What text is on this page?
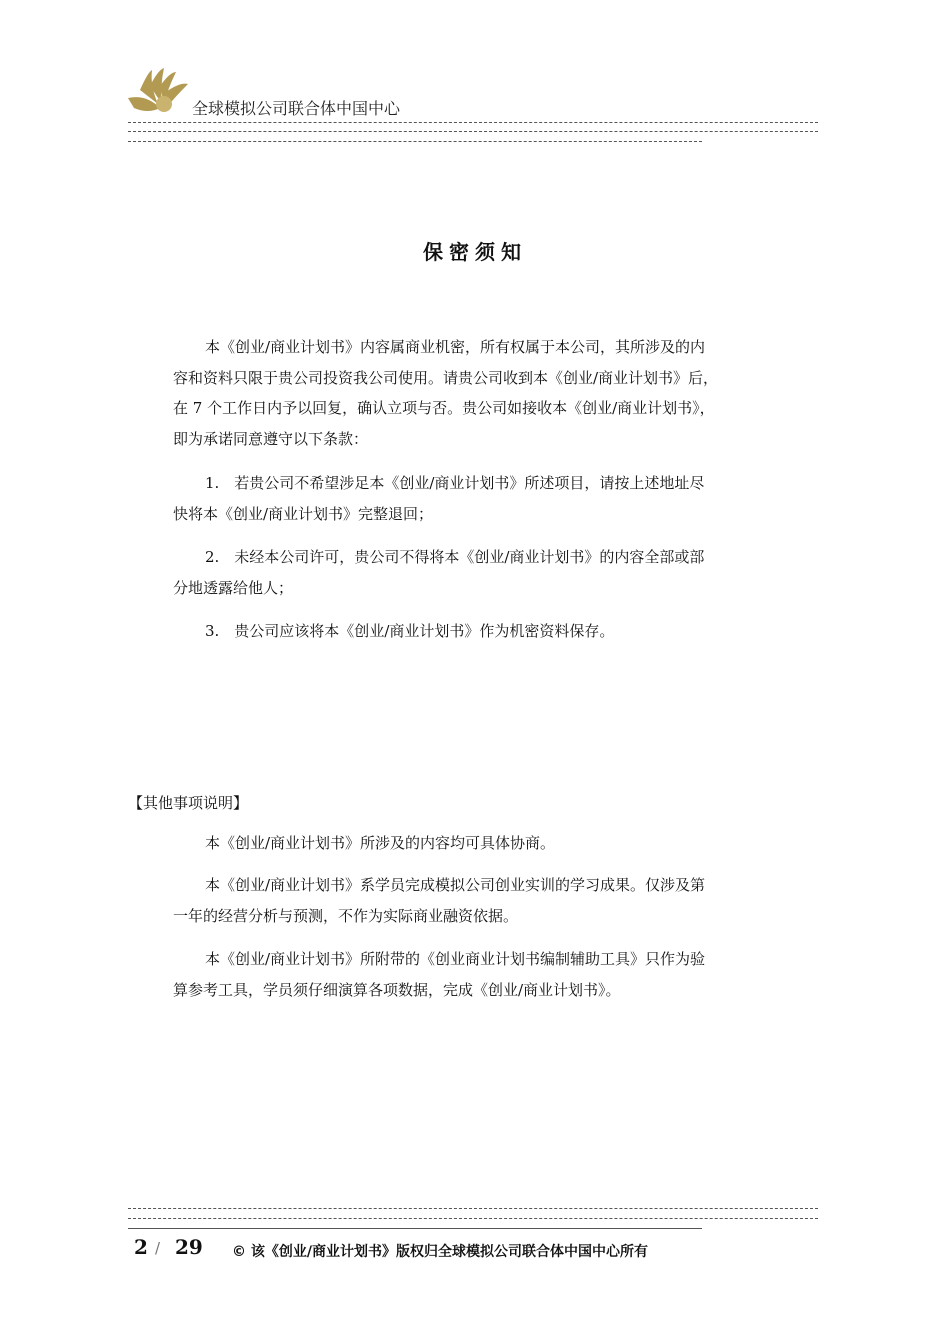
全球模拟公司联合体中国中心
保密须知
本《创业/商业计划书》内容属商业机密，所有权属于本公司，其所涉及的内
容和资料只限于贵公司投资我公司使用。请贵公司收到本《创业/商业计划书》后，
在 7 个工作日内予以回复，确认立项与否。贵公司如接收本《创业/商业计划书》，
即为承诺同意遵守以下条款：
1.　若贵公司不希望涉足本《创业/商业计划书》所述项目，请按上述地址尽
快将本《创业/商业计划书》完整退回；
2.　未经本公司许可，贵公司不得将本《创业/商业计划书》的内容全部或部
分地透露给他人；
3.　贵公司应该将本《创业/商业计划书》作为机密资料保存。
本《创业/商业计划书》所涉及的内容均可具体协商。
本《创业/商业计划书》系学员完成模拟公司创业实训的学习成果。仅涉及第
一年的经营分析与预测，不作为实际商业融资依据。
本《创业/商业计划书》所附带的《创业商业计划书编制辅助工具》只作为验
算参考工具，学员须仔细演算各项数据，完成《创业/商业计划书》。
【其他事项说明】
2 / 29 © 该《创业/商业计划书》版权归全球模拟公司联合体中国中心所有
